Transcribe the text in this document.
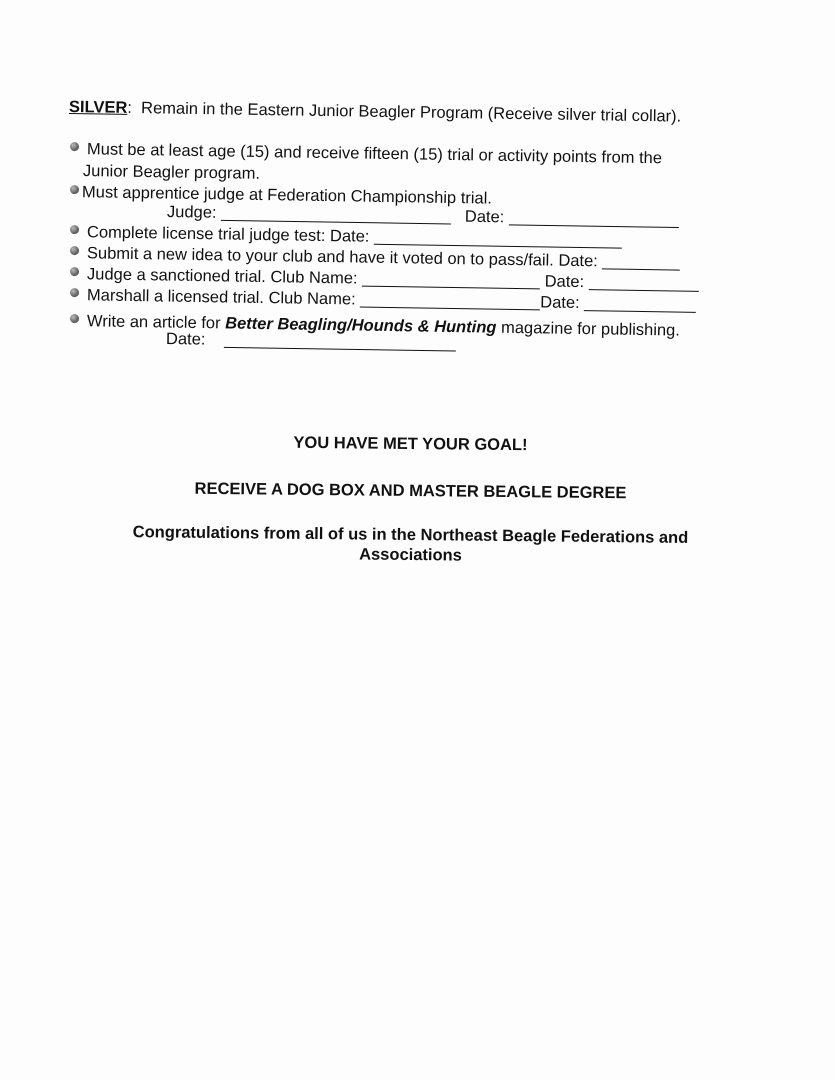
SILVER: Remain in the Eastern Junior Beagler Program (Receive silver trial collar).
Must be at least age (15) and receive fifteen (15) trial or activity points from the
Junior Beagler program.
Must apprentice judge at Federation Championship trial.
Judge:	Date:
Complete license trial judge test: Date:
Submit a new idea to your club and have it voted on to pass/fail. Date:
Judge a sanctioned trial. Club Name:	Date:
Marshall a licensed trial. Club Name:	Date:
Write an article for Better Beagling/Hounds & Hunting magazine for publishing.
Date:
YOU HAVE MET YOUR GOAL!
RECEIVE A DOG BOX AND MASTER BEAGLE DEGREE
Congratulations from all of us in the Northeast Beagle Federations and
Associations
